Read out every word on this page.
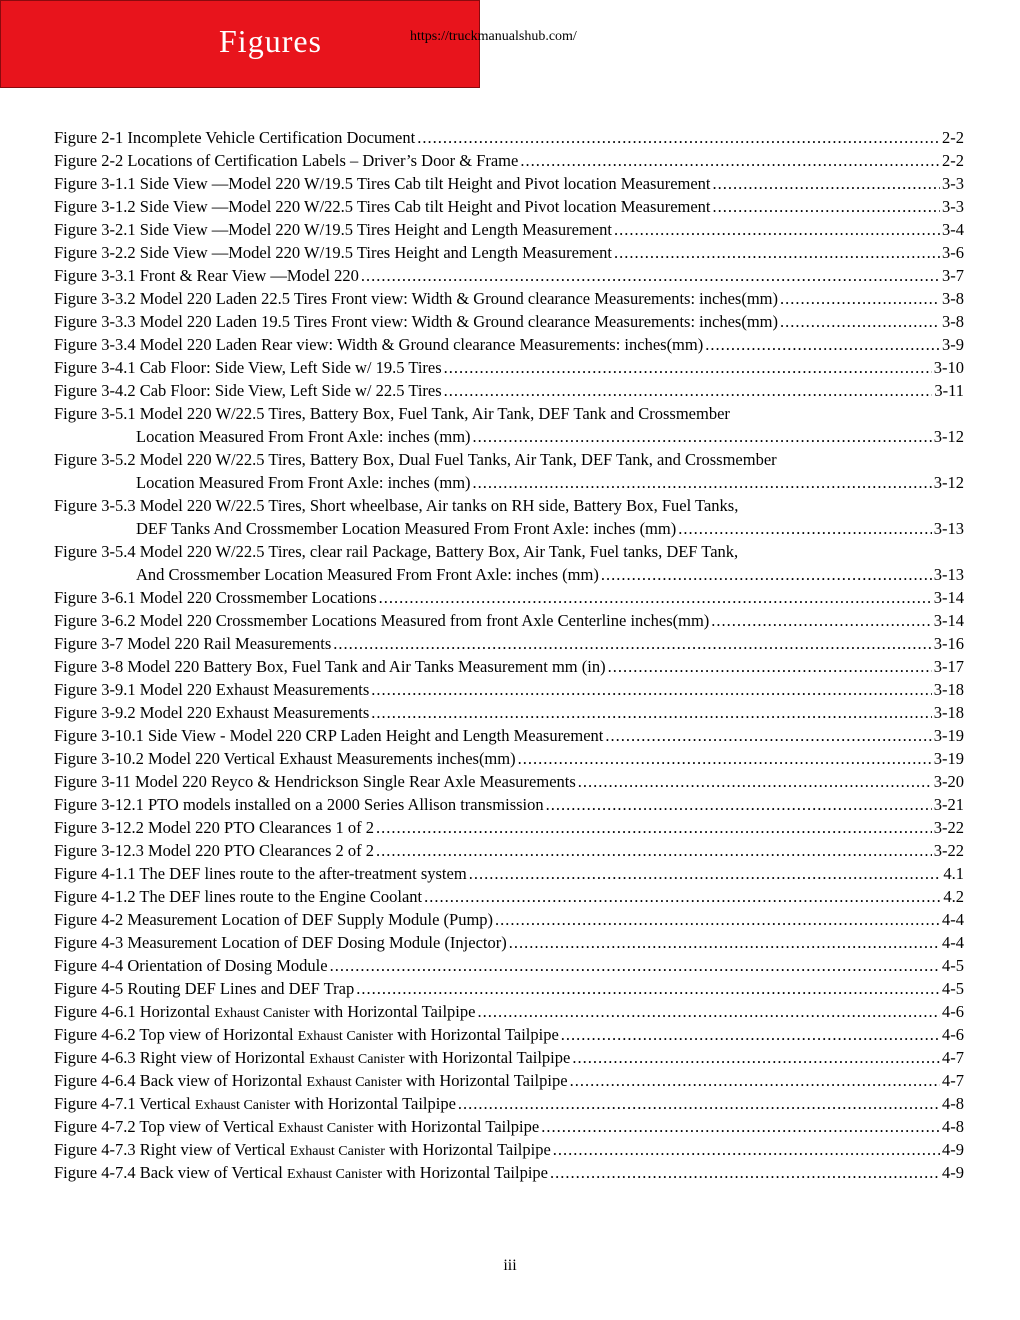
Figures	https://truckmanualshub.com/
Figure 2-1 Incomplete Vehicle Certification Document .....	2-2
Figure 2-2 Locations of Certification Labels – Driver’s Door & Frame .....	2-2
Figure 3-1.1 Side View —Model 220 W/19.5 Tires Cab tilt Height and Pivot location Measurement .....	3-3
Figure 3-1.2 Side View —Model 220 W/22.5 Tires Cab tilt Height and Pivot location Measurement .....	3-3
Figure 3-2.1 Side View —Model 220 W/19.5 Tires Height and Length Measurement .....	3-4
Figure 3-2.2 Side View —Model 220 W/19.5 Tires Height and Length Measurement .....	3-6
Figure 3-3.1 Front & Rear View —Model 220 .....	3-7
Figure 3-3.2 Model 220 Laden 22.5 Tires Front view: Width & Ground clearance Measurements: inches(mm) .....	3-8
Figure 3-3.3 Model 220 Laden 19.5 Tires Front view: Width & Ground clearance Measurements: inches(mm) .....	3-8
Figure 3-3.4 Model 220 Laden Rear view: Width & Ground clearance Measurements: inches(mm) .....	3-9
Figure 3-4.1 Cab Floor: Side View, Left Side w/ 19.5 Tires .....	3-10
Figure 3-4.2 Cab Floor: Side View, Left Side w/ 22.5 Tires .....	3-11
Figure 3-5.1 Model 220 W/22.5 Tires, Battery Box, Fuel Tank, Air Tank, DEF Tank and Crossmember
Location Measured From Front Axle: inches (mm) .....	3-12
Figure 3-5.2 Model 220 W/22.5 Tires, Battery Box, Dual Fuel Tanks, Air Tank, DEF Tank, and Crossmember
Location Measured From Front Axle: inches (mm) .....	3-12
Figure 3-5.3 Model 220 W/22.5 Tires, Short wheelbase, Air tanks on RH side, Battery Box, Fuel Tanks,
DEF Tanks And Crossmember Location Measured From Front Axle: inches (mm) .....	3-13
Figure 3-5.4 Model 220 W/22.5 Tires, clear rail Package, Battery Box, Air Tank, Fuel tanks, DEF Tank,
And Crossmember Location Measured From Front Axle: inches (mm) .....	3-13
Figure 3-6.1 Model 220 Crossmember Locations .....	3-14
Figure 3-6.2 Model 220 Crossmember Locations Measured from front Axle Centerline inches(mm) .....	3-14
Figure 3-7 Model 220 Rail Measurements .....	3-16
Figure 3-8 Model 220 Battery Box, Fuel Tank and Air Tanks Measurement mm (in) .....	3-17
Figure 3-9.1 Model 220 Exhaust Measurements .....	3-18
Figure 3-9.2 Model 220 Exhaust Measurements .....	3-18
Figure 3-10.1 Side View - Model 220 CRP Laden Height and Length Measurement .....	3-19
Figure 3-10.2 Model 220 Vertical Exhaust Measurements inches(mm) .....	3-19
Figure 3-11 Model 220 Reyco & Hendrickson Single Rear Axle Measurements .....	3-20
Figure 3-12.1 PTO models installed on a 2000 Series Allison transmission .....	3-21
Figure 3-12.2 Model 220 PTO Clearances 1 of 2 .....	3-22
Figure 3-12.3 Model 220 PTO Clearances 2 of 2 .....	3-22
Figure 4-1.1 The DEF lines route to the after-treatment system .....	4.1
Figure 4-1.2 The DEF lines route to the Engine Coolant .....	4.2
Figure 4-2 Measurement Location of DEF Supply Module (Pump) .....	4-4
Figure 4-3 Measurement Location of DEF Dosing Module (Injector) .....	4-4
Figure 4-4 Orientation of Dosing Module .....	4-5
Figure 4-5 Routing DEF Lines and DEF Trap .....	4-5
Figure 4-6.1 Horizontal Exhaust Canister with Horizontal Tailpipe .....	4-6
Figure 4-6.2 Top view of Horizontal Exhaust Canister with Horizontal Tailpipe .....	4-6
Figure 4-6.3 Right view of Horizontal Exhaust Canister with Horizontal Tailpipe .....	4-7
Figure 4-6.4 Back view of Horizontal Exhaust Canister with Horizontal Tailpipe .....	4-7
Figure 4-7.1 Vertical Exhaust Canister with Horizontal Tailpipe .....	4-8
Figure 4-7.2 Top view of Vertical Exhaust Canister with Horizontal Tailpipe .....	4-8
Figure 4-7.3 Right view of Vertical Exhaust Canister with Horizontal Tailpipe .....	4-9
Figure 4-7.4 Back view of Vertical Exhaust Canister with Horizontal Tailpipe .....	4-9
iii
